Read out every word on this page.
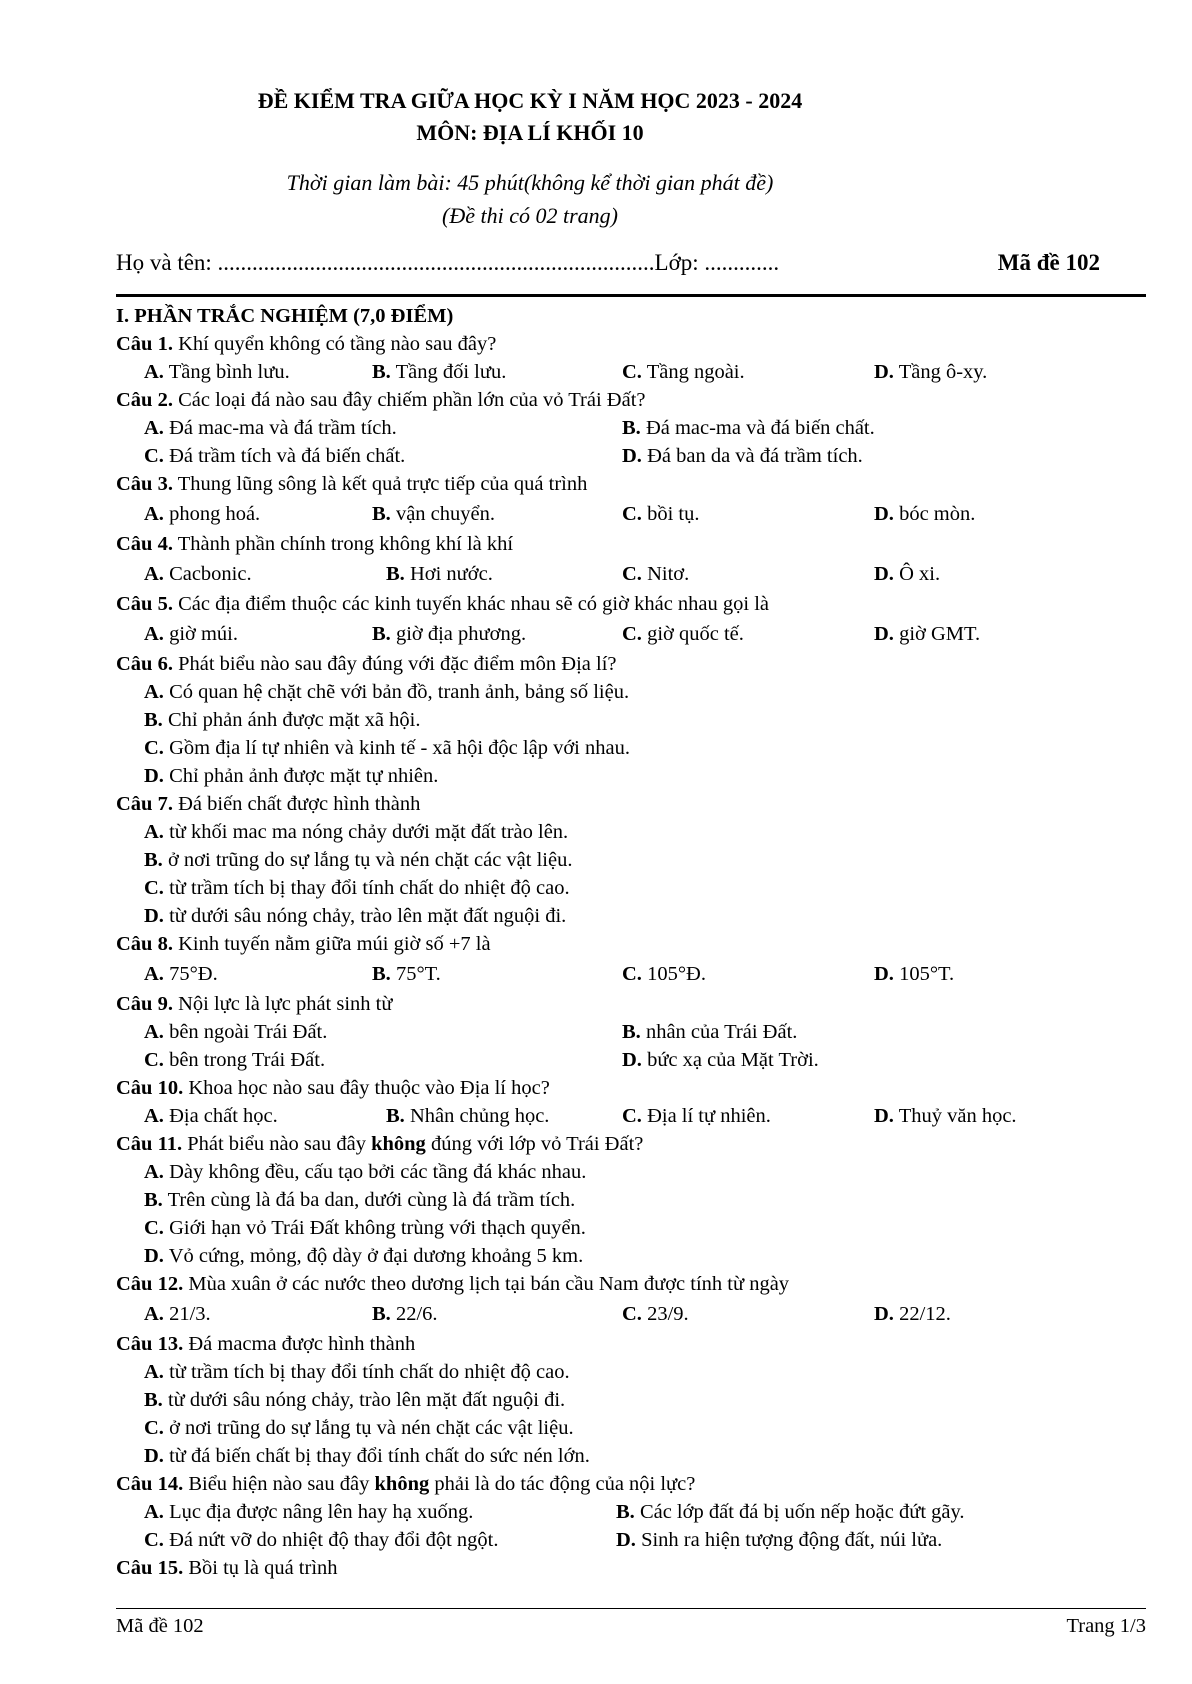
ĐỀ KIỂM TRA GIỮA HỌC KỲ I NĂM HỌC 2023 - 2024
MÔN: ĐỊA LÍ KHỐI 10
Thời gian làm bài: 45 phút(không kể thời gian phát đề)
(Đề thi có 02 trang)
Họ và tên: ............................................................................Lớp: .............	Mã đề 102
I. PHẦN TRẮC NGHIỆM (7,0 ĐIỂM)
Câu 1. Khí quyển không có tầng nào sau đây?
A. Tầng bình lưu.	B. Tầng đối lưu.	C. Tầng ngoài.	D. Tầng ô-xy.
Câu 2. Các loại đá nào sau đây chiếm phần lớn của vỏ Trái Đất?
A. Đá mac-ma và đá trầm tích.	B. Đá mac-ma và đá biến chất.
C. Đá trầm tích và đá biến chất.	D. Đá ban da và đá trầm tích.
Câu 3. Thung lũng sông là kết quả trực tiếp của quá trình
A. phong hoá.	B. vận chuyển.	C. bồi tụ.	D. bóc mòn.
Câu 4. Thành phần chính trong không khí là khí
A. Cacbonic.	B. Hơi nước.	C. Nitơ.	D. Ô xi.
Câu 5. Các địa điểm thuộc các kinh tuyến khác nhau sẽ có giờ khác nhau gọi là
A. giờ múi.	B. giờ địa phương.	C. giờ quốc tế.	D. giờ GMT.
Câu 6. Phát biểu nào sau đây đúng với đặc điểm môn Địa lí?
A. Có quan hệ chặt chẽ với bản đồ, tranh ảnh, bảng số liệu.
B. Chỉ phản ánh được mặt xã hội.
C. Gồm địa lí tự nhiên và kinh tế - xã hội độc lập với nhau.
D. Chỉ phản ảnh được mặt tự nhiên.
Câu 7. Đá biến chất được hình thành
A. từ khối mac ma nóng chảy dưới mặt đất trào lên.
B. ở nơi trũng do sự lắng tụ và nén chặt các vật liệu.
C. từ trầm tích bị thay đổi tính chất do nhiệt độ cao.
D. từ dưới sâu nóng chảy, trào lên mặt đất nguội đi.
Câu 8. Kinh tuyến nằm giữa múi giờ số +7 là
A. 75°Đ.	B. 75°T.	C. 105°Đ.	D. 105°T.
Câu 9. Nội lực là lực phát sinh từ
A. bên ngoài Trái Đất.	B. nhân của Trái Đất.
C. bên trong Trái Đất.	D. bức xạ của Mặt Trời.
Câu 10. Khoa học nào sau đây thuộc vào Địa lí học?
A. Địa chất học.	B. Nhân chủng học.	C. Địa lí tự nhiên.	D. Thuỷ văn học.
Câu 11. Phát biểu nào sau đây không đúng với lớp vỏ Trái Đất?
A. Dày không đều, cấu tạo bởi các tầng đá khác nhau.
B. Trên cùng là đá ba dan, dưới cùng là đá trầm tích.
C. Giới hạn vỏ Trái Đất không trùng với thạch quyển.
D. Vỏ cứng, mỏng, độ dày ở đại dương khoảng 5 km.
Câu 12. Mùa xuân ở các nước theo dương lịch tại bán cầu Nam được tính từ ngày
A. 21/3.	B. 22/6.	C. 23/9.	D. 22/12.
Câu 13. Đá macma được hình thành
A. từ trầm tích bị thay đổi tính chất do nhiệt độ cao.
B. từ dưới sâu nóng chảy, trào lên mặt đất nguội đi.
C. ở nơi trũng do sự lắng tụ và nén chặt các vật liệu.
D. từ đá biến chất bị thay đổi tính chất do sức nén lớn.
Câu 14. Biểu hiện nào sau đây không phải là do tác động của nội lực?
A. Lục địa được nâng lên hay hạ xuống.	B. Các lớp đất đá bị uốn nếp hoặc đứt gãy.
C. Đá nứt vỡ do nhiệt độ thay đổi đột ngột.	D. Sinh ra hiện tượng động đất, núi lửa.
Câu 15. Bồi tụ là quá trình
Mã đề 102	Trang 1/3
